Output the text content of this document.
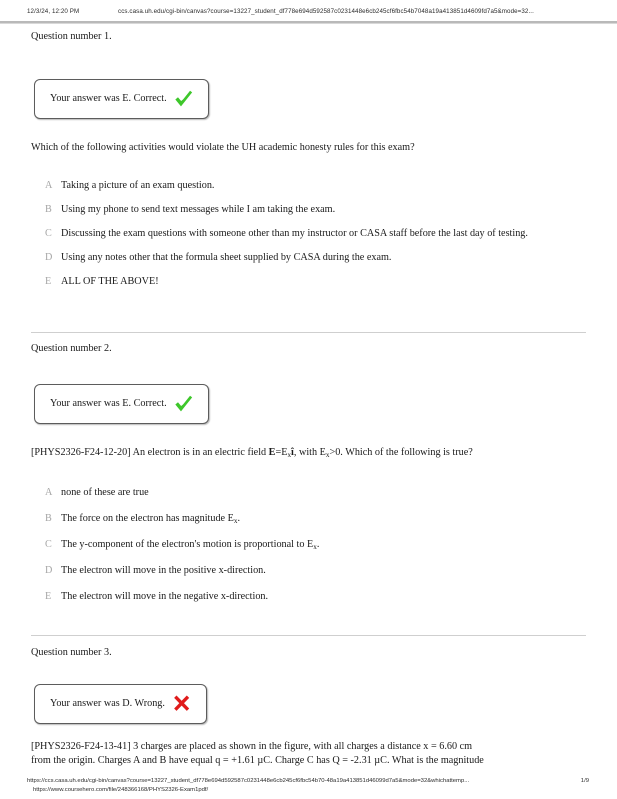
12/3/24, 12:20 PM	ccs.casa.uh.edu/cgi-bin/canvas?course=13227_student_df778e694d592587c0231448e6cb245cf6fbc54b7048a19a413851d4609fd7a5&mode=32...
Question number 1.
Your answer was E. Correct.

Which of the following activities would violate the UH academic honesty rules for this exam?

A Taking a picture of an exam question.
B Using my phone to send text messages while I am taking the exam.
C Discussing the exam questions with someone other than my instructor or CASA staff before the last day of testing.
D Using any notes other that the formula sheet supplied by CASA during the exam.
E ALL OF THE ABOVE!
Question number 2.
Your answer was E. Correct.

[PHYS2326-F24-12-20] An electron is in an electric field $E=E_xî$, with $E_x>0$. Which of the following is true?

A none of these are true
B The force on the electron has magnitude $E_x$.
C The y-component of the electron's motion is proportional to $E_x$.
D The electron will move in the positive x-direction.
E The electron will move in the negative x-direction.
Question number 3.
Your answer was D. Wrong.
[PHYS2326-F24-13-41] 3 charges are placed as shown in the figure, with all charges a distance x = 6.60 cm
from the origin. Charges A and B have equal q = +1.61 µC. Charge C has Q = -2.31 µC. What is the magnitude
https://ccs.casa.uh.edu/cgi-bin/canvas?course=13227_student_df778e694d592587c0231448e6cb245cf6fbc54b70-48a19a413851d46099d7a5&mode=32&whichattemp...	1/9
https://www.coursehero.com/file/248366168/PHYS2326-Exam1pdf/
